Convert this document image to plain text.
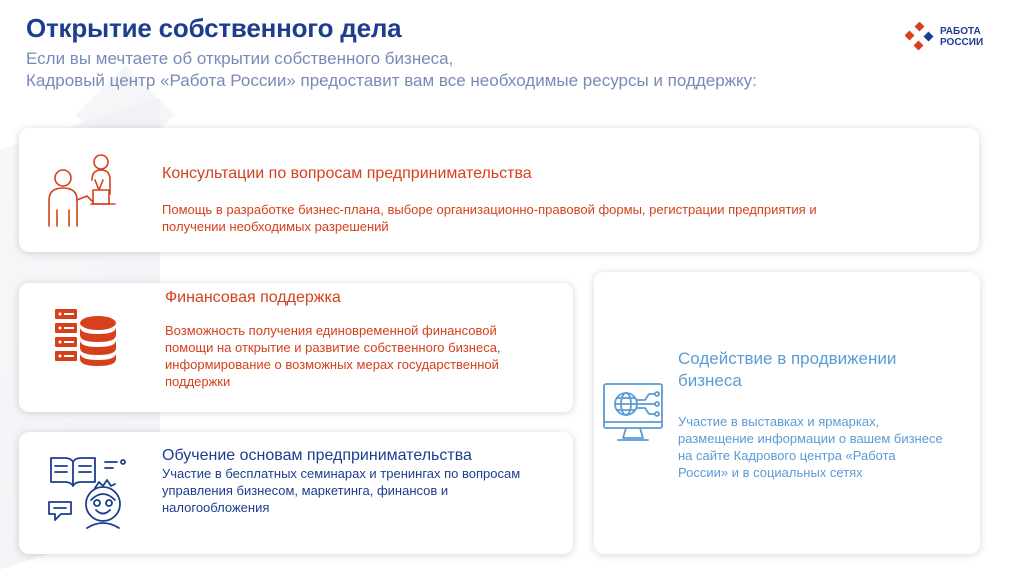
Открытие собственного дела
Если вы мечтаете об открытии собственного бизнеса,
Кадровый центр «Работа России» предоставит вам все необходимые ресурсы и поддержку:
РАБОТА
РОССИИ
Консультации по вопросам предпринимательства
Помощь в разработке бизнес-плана, выборе организационно-правовой формы, регистрации предприятия и
получении необходимых разрешений
Финансовая поддержка
Возможность получения единовременной финансовой
помощи на открытие и развитие собственного бизнеса,
информирование о возможных мерах государственной
поддержки
Обучение основам предпринимательства
Участие в бесплатных семинарах и тренингах по вопросам
управления бизнесом, маркетинга, финансов и
налогообложения
Содействие в продвижении
бизнеса
Участие в выставках и ярмарках,
размещение информации о вашем бизнесе
на сайте Кадрового центра «Работа
России» и в социальных сетях
